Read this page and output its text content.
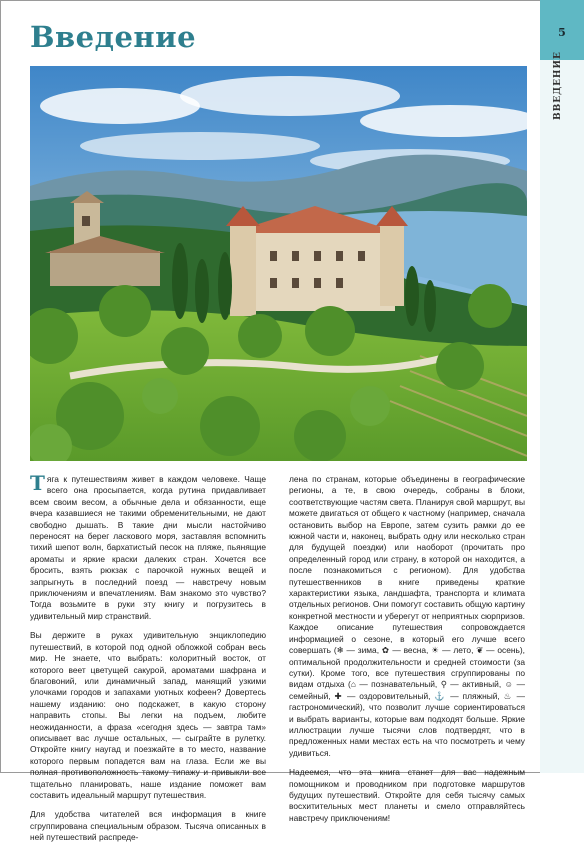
5
ВВЕДЕНИЕ
Введение

Тяга к путешествиям живет в каждом человеке. Чаще всего она просыпается, когда рутина придавливает всем своим весом, а обычные дела и обязанности, еще вчера казавшиеся не такими обременительными, не дают свободно дышать. В такие дни мысли настойчиво переносят на берег ласкового моря, заставляя вспомнить тихий шепот волн, бархатистый песок на пляже, пьянящие ароматы и яркие краски далеких стран. Хочется все бросить, взять рюкзак с парочкой нужных вещей и запрыгнуть в последний поезд — навстречу новым приключениям и впечатлениям. Вам знакомо это чувство? Тогда возьмите в руки эту книгу и погрузитесь в удивительный мир странствий.

Вы держите в руках удивительную энциклопедию путешествий, в которой под одной обложкой собран весь мир. Не знаете, что выбрать: колоритный восток, от которого веет цветущей сакурой, ароматами шафрана и благовоний, или динамичный запад, манящий узкими улочками городов и запахами уютных кофеен? Довертесь нашему изданию: оно подскажет, в какую сторону направить стопы. Вы легки на подъем, любите неожиданности, а фраза «сегодня здесь — завтра там» описывает вас лучше остальных, — сыграйте в рулетку. Откройте книгу наугад и поезжайте в то место, название которого первым попадется вам на глаза. Если же вы полная противоположность такому типажу и привыкли все тщательно планировать, наше издание поможет вам составить идеальный маршрут путешествия.

Для удобства читателей вся информация в книге сгруппирована специальным образом. Тысяча описанных в ней путешествий распреде-

лена по странам, которые объединены в географические регионы, а те, в свою очередь, собраны в блоки, соответствующие частям света. Планируя свой маршрут, вы можете двигаться от общего к частному (например, сначала остановить выбор на Европе, затем сузить рамки до ее южной части и, наконец, выбрать одну или несколько стран для будущей поездки) или наоборот (прочитать про определенный город или страну, в которой он находится, а после познакомиться с регионом). Для удобства путешественников в книге приведены краткие характеристики языка, ландшафта, транспорта и климата отдельных регионов. Они помогут составить общую картину конкретной местности и уберегут от неприятных сюрпризов. Каждое описание путешествия сопровождается информацией о сезоне, в который его лучше всего совершать (❄ — зима, ✿ — весна, ☀ — лето, ❦ — осень), оптимальной продолжительности и средней стоимости (за сутки). Кроме того, все путешествия сгруппированы по видам отдыха (⌂ — познавательный, ⚲ — активный, ☺ — семейный, ✚ — оздоровительный, ⚓ — пляжный, ♨ — гастрономический), что позволит лучше сориентироваться и выбрать варианты, которые вам подходят больше. Яркие иллюстрации лучше тысячи слов подтвердят, что в предложенных нами местах есть на что посмотреть и чему удивиться.

Надеемся, что эта книга станет для вас надежным помощником и проводником при подготовке маршрутов будущих путешествий. Откройте для себя тысячу самых восхитительных мест планеты и смело отправляйтесь навстречу приключениям!
